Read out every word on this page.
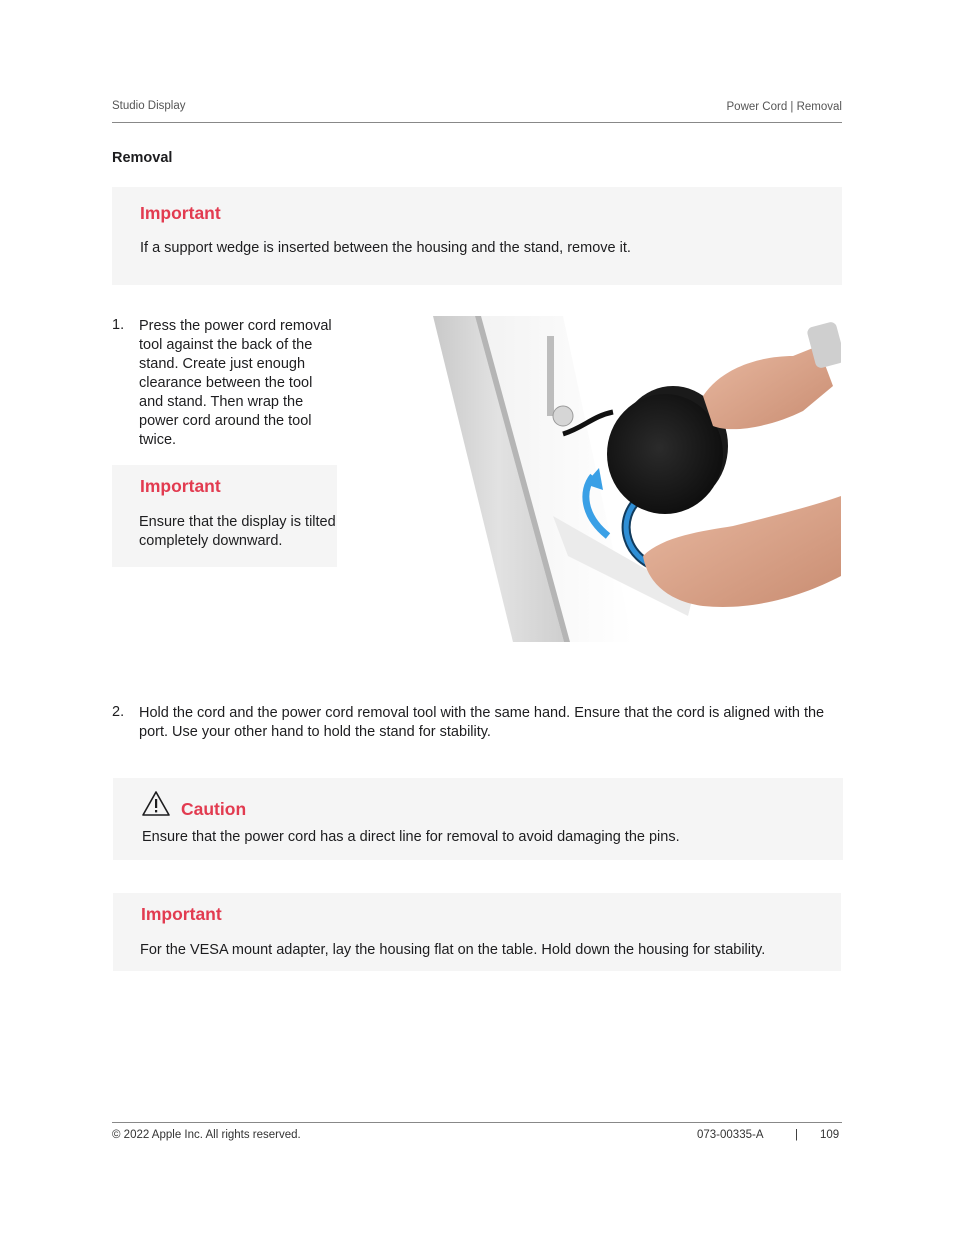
Studio Display	Power Cord | Removal
Removal
Important
If a support wedge is inserted between the housing and the stand, remove it.
1. Press the power cord removal tool against the back of the stand. Create just enough clearance between the tool and stand. Then wrap the power cord around the tool twice.
Important
Ensure that the display is tilted completely downward.
2. Hold the cord and the power cord removal tool with the same hand. Ensure that the cord is aligned with the port. Use your other hand to hold the stand for stability.
Caution
Ensure that the power cord has a direct line for removal to avoid damaging the pins.
Important
For the VESA mount adapter, lay the housing flat on the table. Hold down the housing for stability.
© 2022 Apple Inc. All rights reserved.	073-00335-A	| 109
